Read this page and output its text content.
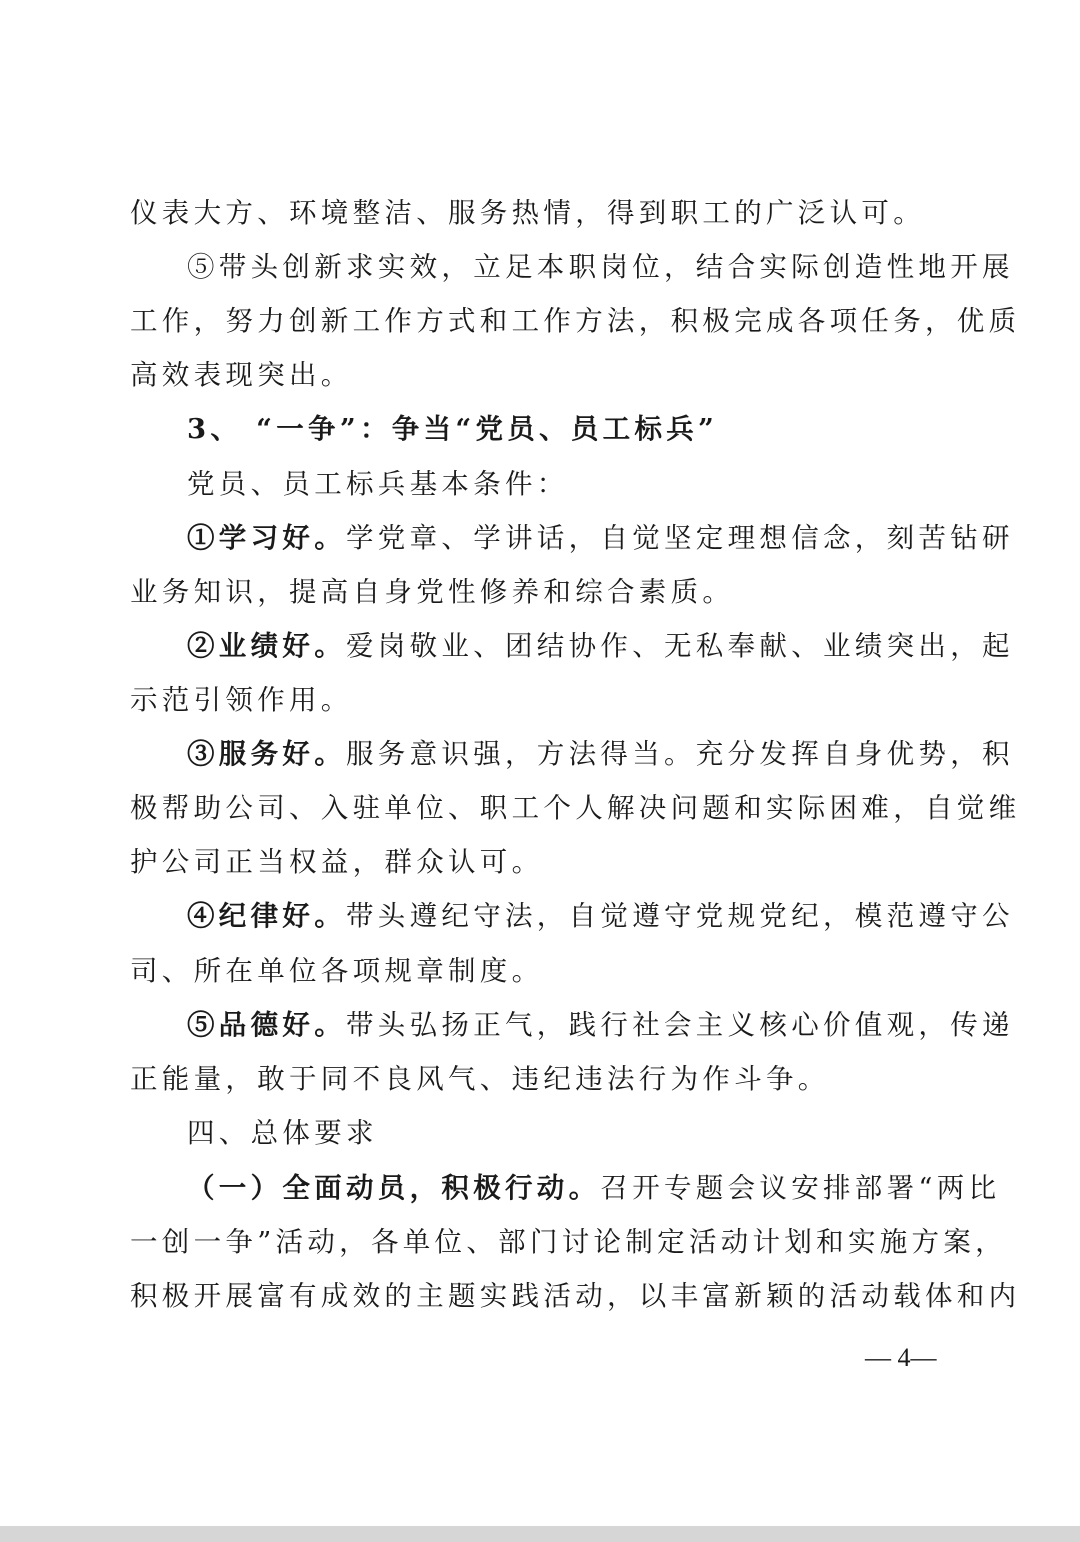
仪表大方、环境整洁、服务热情，得到职工的广泛认可。
⑤带头创新求实效，立足本职岗位，结合实际创造性地开展
工作，努力创新工作方式和工作方法，积极完成各项任务，优质
高效表现突出。
3、 “一争”：争当“党员、员工标兵”
党员、员工标兵基本条件：
①学习好。学党章、学讲话，自觉坚定理想信念，刻苦钻研
业务知识，提高自身党性修养和综合素质。
②业绩好。爱岗敬业、团结协作、无私奉献、业绩突出，起
示范引领作用。
③服务好。服务意识强，方法得当。充分发挥自身优势，积
极帮助公司、入驻单位、职工个人解决问题和实际困难，自觉维
护公司正当权益，群众认可。
④纪律好。带头遵纪守法，自觉遵守党规党纪，模范遵守公
司、所在单位各项规章制度。
⑤品德好。带头弘扬正气，践行社会主义核心价值观，传递
正能量，敢于同不良风气、违纪违法行为作斗争。
四、总体要求
（一）全面动员，积极行动。召开专题会议安排部署“两比
一创一争”活动，各单位、部门讨论制定活动计划和实施方案，
积极开展富有成效的主题实践活动，以丰富新颖的活动载体和内
— 4—
